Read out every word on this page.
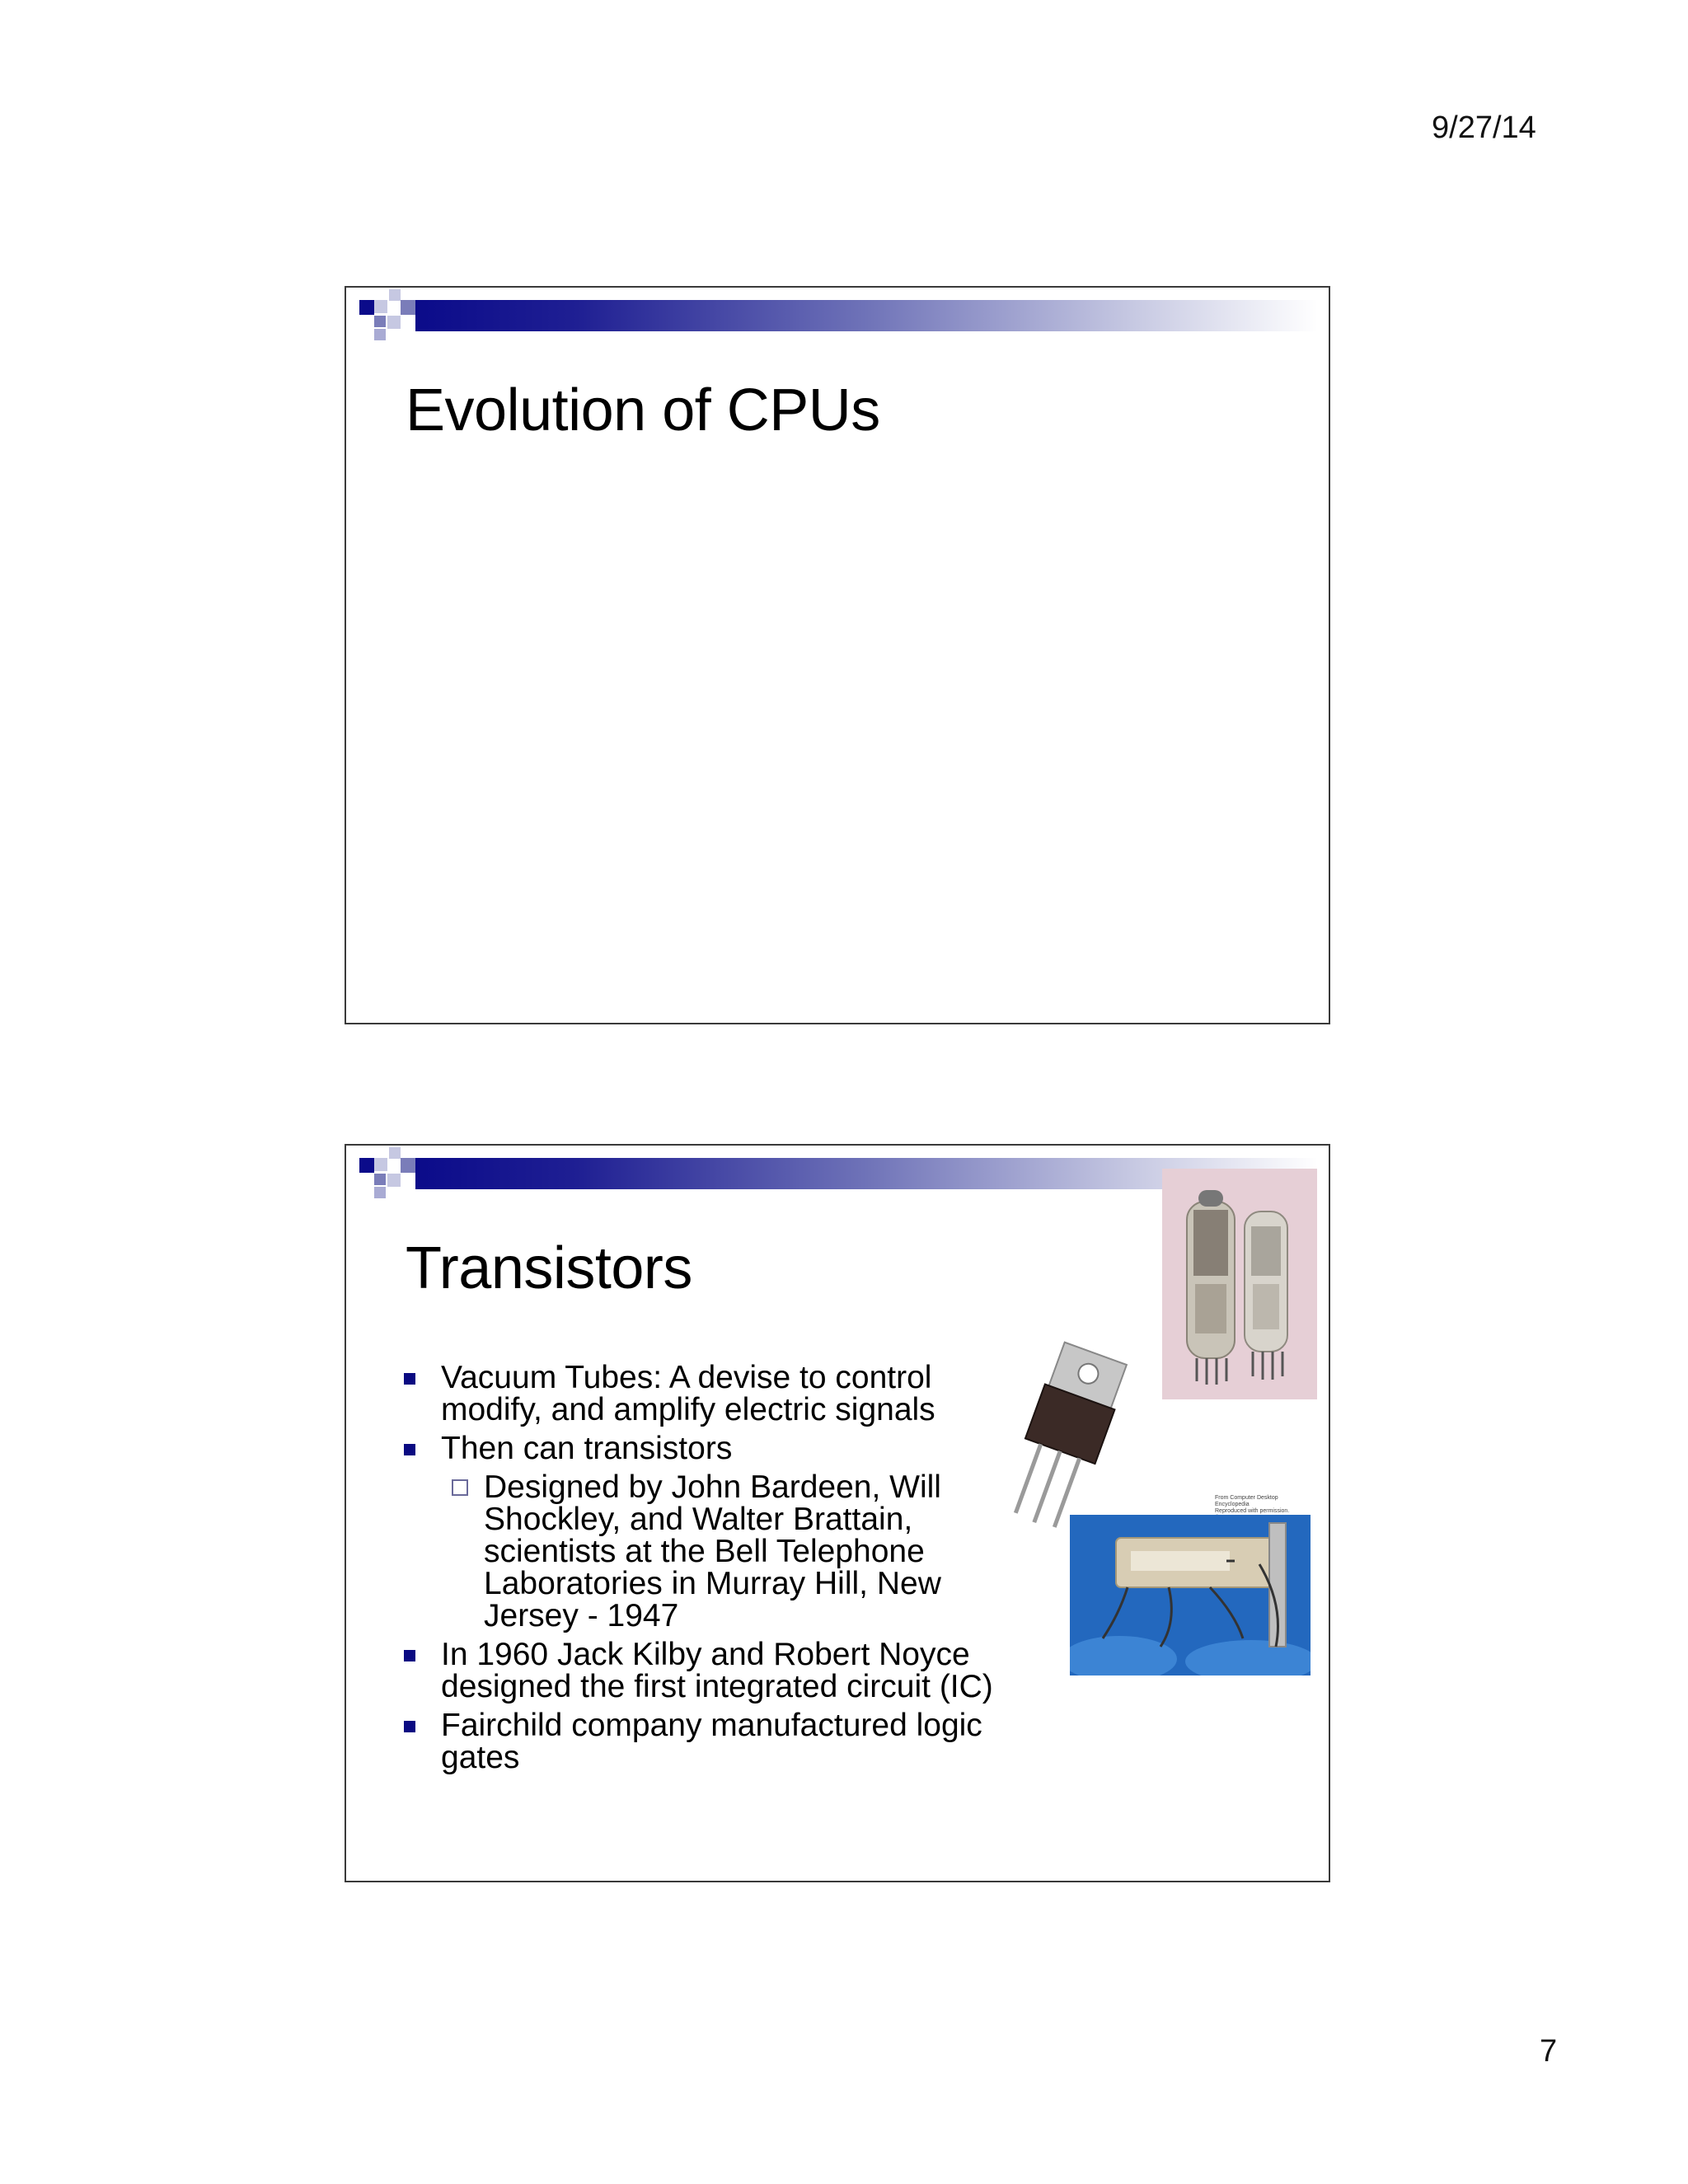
9/27/14
Evolution of CPUs
From Computer Desktop Encyclopedia
Reproduced with permission.
Transistors
Vacuum Tubes: A devise to control modify, and amplify electric signals
Then can transistors
Designed by John Bardeen, Will Shockley, and Walter Brattain, scientists at the Bell Telephone Laboratories in Murray Hill, New Jersey - 1947
In 1960 Jack Kilby and Robert Noyce designed the first integrated circuit (IC)
Fairchild company manufactured logic gates
7
